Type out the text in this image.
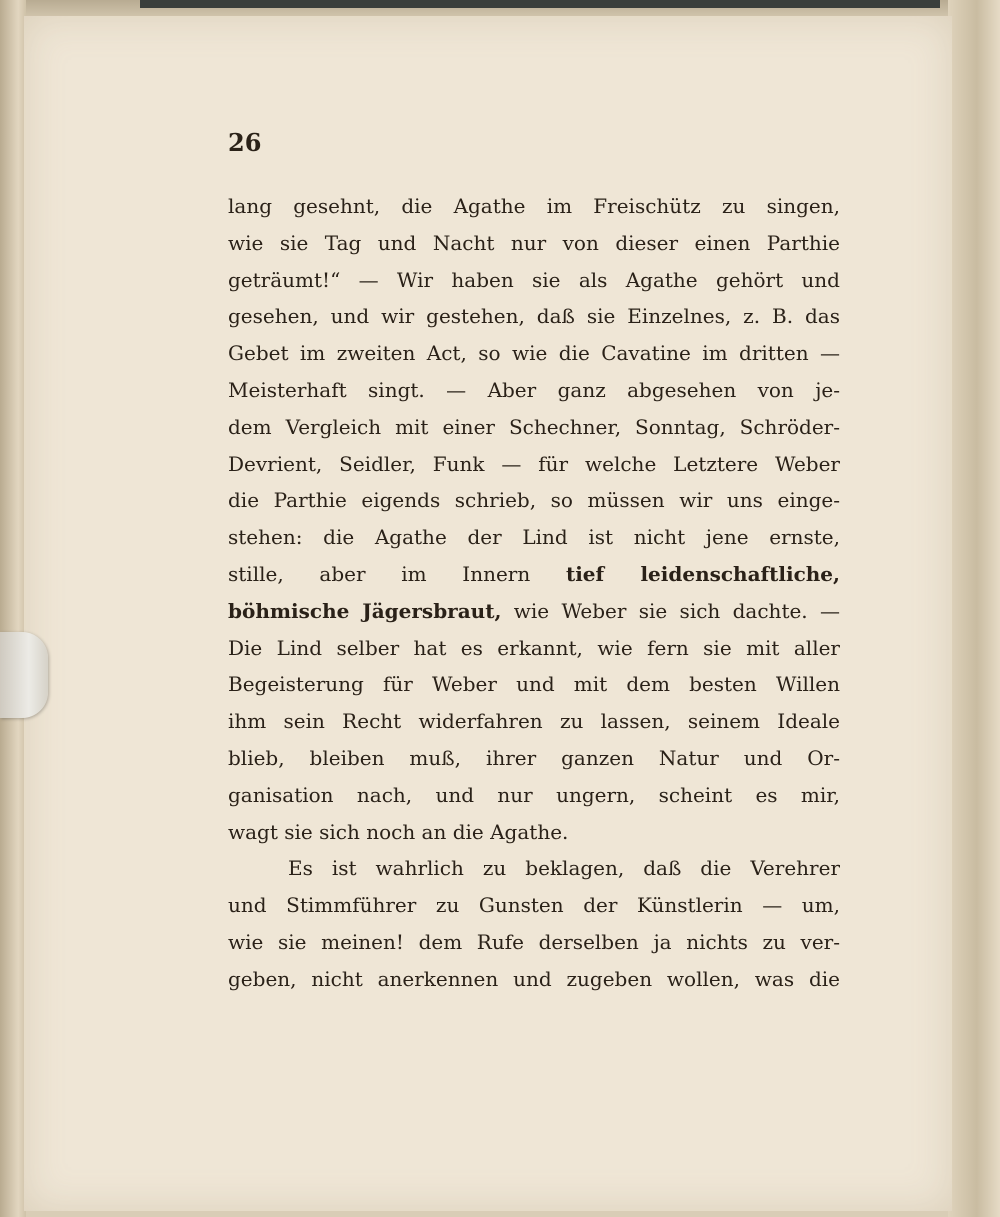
26
lang gesehnt, die Agathe im Freischütz zu singen,
wie sie Tag und Nacht nur von dieser einen Parthie
geträumt!“ — Wir haben sie als Agathe gehört und
gesehen, und wir gestehen, daß sie Einzelnes, z. B. das
Gebet im zweiten Act, so wie die Cavatine im dritten —
Meisterhaft singt. — Aber ganz abgesehen von je-
dem Vergleich mit einer Schechner, Sonntag, Schröder-
Devrient, Seidler, Funk — für welche Letztere Weber
die Parthie eigends schrieb, so müssen wir uns einge-
stehen: die Agathe der Lind ist nicht jene ernste,
stille, aber im Innern tief leidenschaftliche,
böhmische Jägersbraut, wie Weber sie sich dachte. —
Die Lind selber hat es erkannt, wie fern sie mit aller
Begeisterung für Weber und mit dem besten Willen
ihm sein Recht widerfahren zu lassen, seinem Ideale
blieb, bleiben muß, ihrer ganzen Natur und Or-
ganisation nach, und nur ungern, scheint es mir,
wagt sie sich noch an die Agathe.
Es ist wahrlich zu beklagen, daß die Verehrer
und Stimmführer zu Gunsten der Künstlerin — um,
wie sie meinen! dem Rufe derselben ja nichts zu ver-
geben, nicht anerkennen und zugeben wollen, was die
